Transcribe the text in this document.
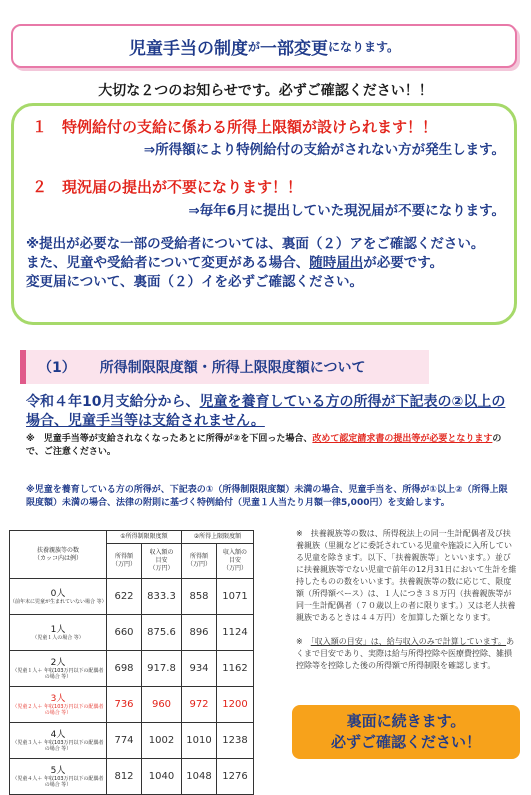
児童手当の制度 が 一部変更 になります。
大切な２つのお知らせです。必ずご確認ください！！
１　特例給付の支給に係わる所得上限額が設けられます！！
⇒所得額により特例給付の支給がされない方が発生します。
２　現況届の提出が不要になります！！
⇒毎年6月に提出していた現況届が不要になります。
※提出が必要な一部の受給者については、裏面（２）アをご確認ください。
また、児童や受給者について変更がある場合、随時届出が必要です。
変更届について、裏面（２）イを必ずご確認ください。
（1） 所得制限限度額・所得上限限度額について
令和４年10月支給分から、児童を養育している方の所得が下記表の②以上の場合、児童手当等は支給されません。
※　児童手当等が支給されなくなったあとに所得が②を下回った場合、改めて認定請求書の提出等が必要となりますので、ご注意ください。
※児童を養育している方の所得が、下記表の①（所得制限限度額）未満の場合、児童手当を、所得が①以上②（所得上限限度額）未満の場合、法律の附則に基づく特例給付（児童１人当たり月額一律5,000円）を支給します。
扶養親族等の数
（カッコ内は例）	①所得制限限度額		②所得上限限度額	
	所得額
（万円）	収入額の
目安
（万円）	所得額
（万円）	収入額の
目安
（万円）
0人
（前年末に児童が生まれていない場合 等）	622	833.3	858	1071
1人
（児童１人の場合 等）	660	875.6	896	1124
2人
（児童１人＋ 年収103万円以下の配偶者の場合 等）	698	917.8	934	1162
3人
（児童２人＋ 年収103万円以下の配偶者の場合 等）	736	960	972	1200
4人
（児童３人＋ 年収103万円以下の配偶者の場合 等）	774	1002	1010	1238
5人
（児童４人＋ 年収103万円以下の配偶者の場合 等）	812	1040	1048	1276

※　扶養親族等の数は、所得税法上の同一生計配偶者及び扶養親族（里親などに委託されている児童や施設に入所している児童を除きます。以下、「扶養親族等」といいます。）並びに扶養親族等でない児童で前年の12月31日において生計を維持したものの数をいいます。扶養親族等の数に応じて、限度額（所得額ベース）は、１人につき３８万円（扶養親族等が同一生計配偶者（７０歳以上の者に限ります。）又は老人扶養親族であるときは４４万円）を加算した額となります。

※　「収入額の目安」は、給与収入のみで計算しています。あくまで目安であり、実際は給与所得控除や医療費控除、雑損控除等を控除した後の所得額で所得制限を確認します。

裏面に続きます。
必ずご確認ください！
